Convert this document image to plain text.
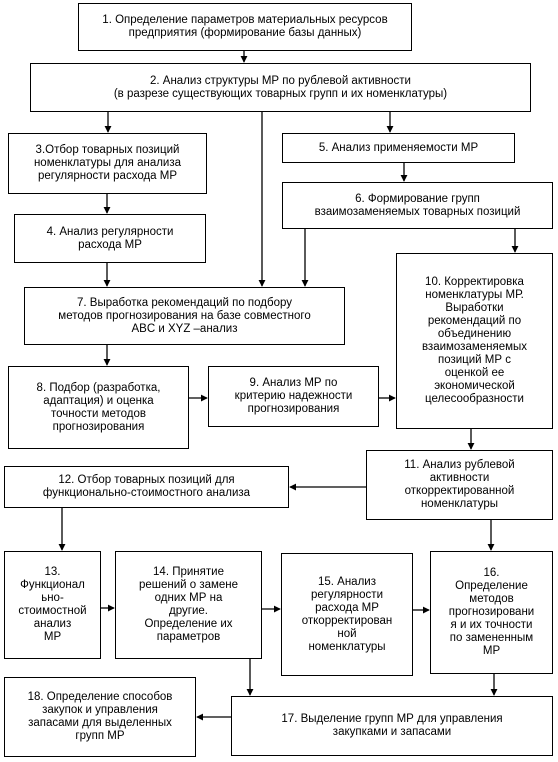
1. Определение параметров материальных ресурсов
предприятия (формирование базы данных)
2. Анализ структуры МР по рублевой активности
(в разрезе существующих товарных групп и их номенклатуры)
3.Отбор товарных позиций
номенклатуры для анализа
регулярности расхода МР
5. Анализ применяемости МР
6. Формирование групп
взаимозаменяемых товарных позиций
4. Анализ регулярности
расхода МР
10. Корректировка
номенклатуры МР.
Выработки
рекомендаций по
объединению
взаимозаменяемых
позиций МР с
оценкой ее
экономической
целесообразности
7. Выработка рекомендаций по подбору
методов прогнозирования на базе совместного
ABC и XYZ –анализ
8. Подбор (разработка,
адаптация) и оценка
точности методов
прогнозирования
9. Анализ МР по
критерию надежности
прогнозирования
11. Анализ рублевой
активности
откорректированной
номенклатуры
12. Отбор товарных позиций для
функционально-стоимостного анализа
13.
Функционал
ьно-
стоимостной
анализ
МР
14. Принятие
решений о замене
одних МР на
другие.
Определение их
параметров
15. Анализ
регулярности
расхода МР
откорректирован
ной
номенклатуры
16.
Определение
методов
прогнозировани
я и их точности
по замененным
МР
18. Определение способов
закупок и управления
запасами для выделенных
групп МР
17. Выделение групп МР для управления
закупками и запасами
